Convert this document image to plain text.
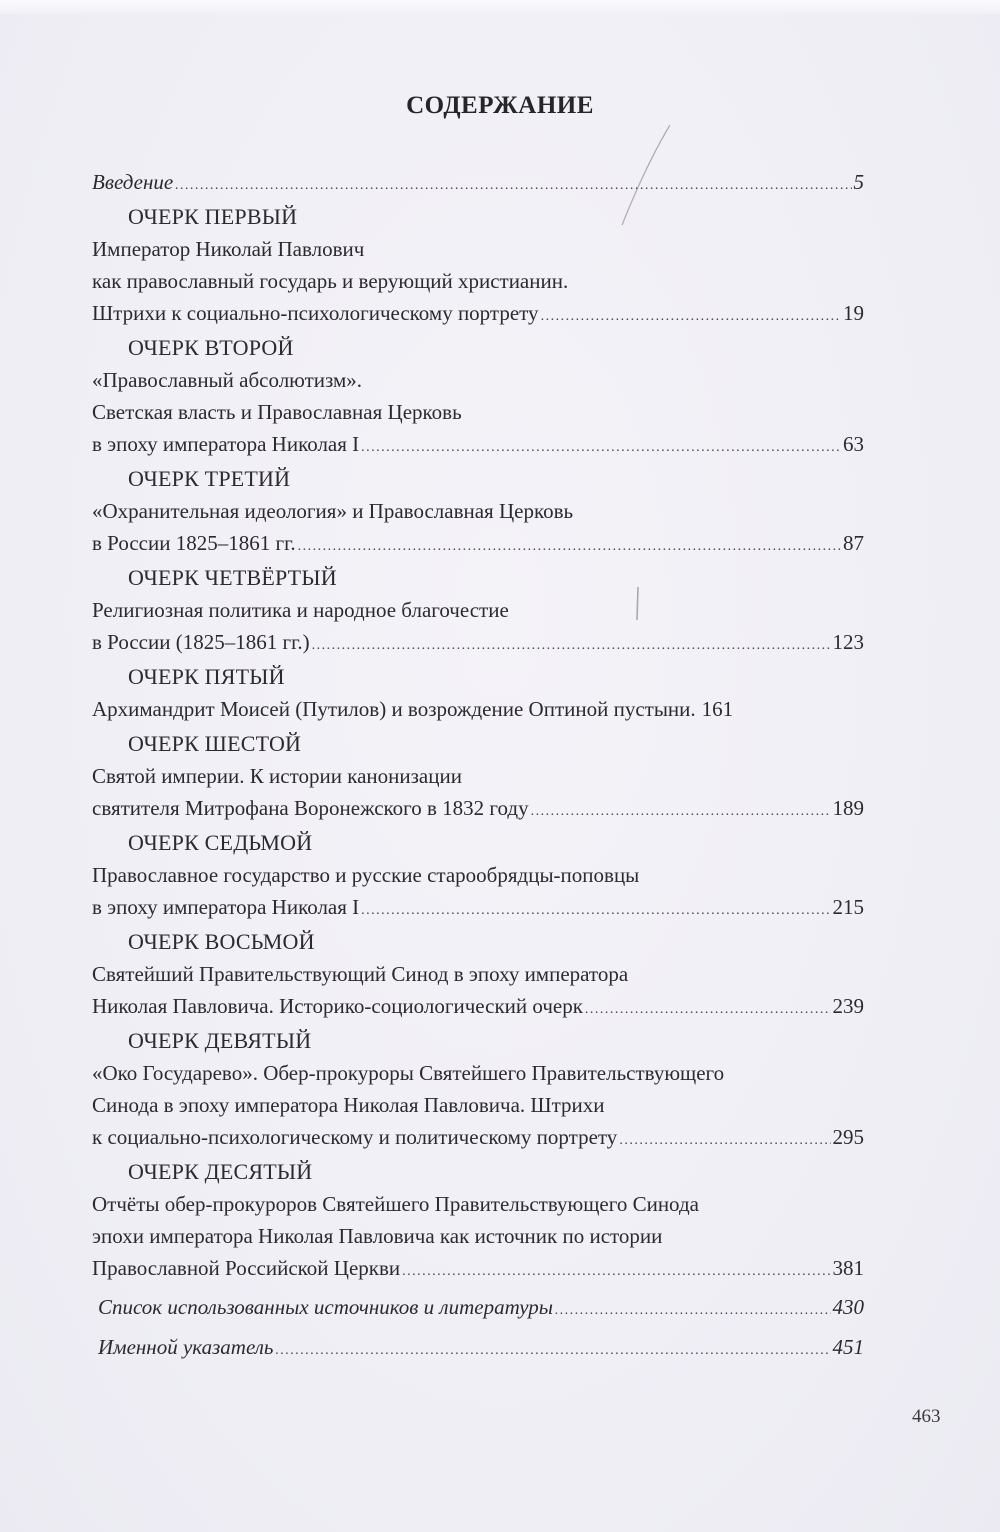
СОДЕРЖАНИЕ
Введение .....	5
ОЧЕРК ПЕРВЫЙ
Император Николай Павлович
как православный государь и верующий христианин.
Штрихи к социально-психологическому портрету .....	19
ОЧЕРК ВТОРОЙ
«Православный абсолютизм».
Светская власть и Православная Церковь
в эпоху императора Николая I .....	63
ОЧЕРК ТРЕТИЙ
«Охранительная идеология» и Православная Церковь
в России 1825–1861 гг. .....	87
ОЧЕРК ЧЕТВЁРТЫЙ
Религиозная политика и народное благочестие
в России (1825–1861 гг.) .....	123
ОЧЕРК ПЯТЫЙ
Архимандрит Моисей (Путилов) и возрождение Оптиной пустыни. 161
ОЧЕРК ШЕСТОЙ
Святой империи. К истории канонизации
святителя Митрофана Воронежского в 1832 году .....	189
ОЧЕРК СЕДЬМОЙ
Православное государство и русские старообрядцы-поповцы
в эпоху императора Николая I .....	215
ОЧЕРК ВОСЬМОЙ
Святейший Правительствующий Синод в эпоху императора
Николая Павловича. Историко-социологический очерк .....	239
ОЧЕРК ДЕВЯТЫЙ
«Око Государево». Обер-прокуроры Святейшего Правительствующего
Синода в эпоху императора Николая Павловича. Штрихи
к социально-психологическому и политическому портрету .....	295
ОЧЕРК ДЕСЯТЫЙ
Отчёты обер-прокуроров Святейшего Правительствующего Синода
эпохи императора Николая Павловича как источник по истории
Православной Российской Церкви .....	381
Список использованных источников и литературы .....	430
Именной указатель .....	451
463
